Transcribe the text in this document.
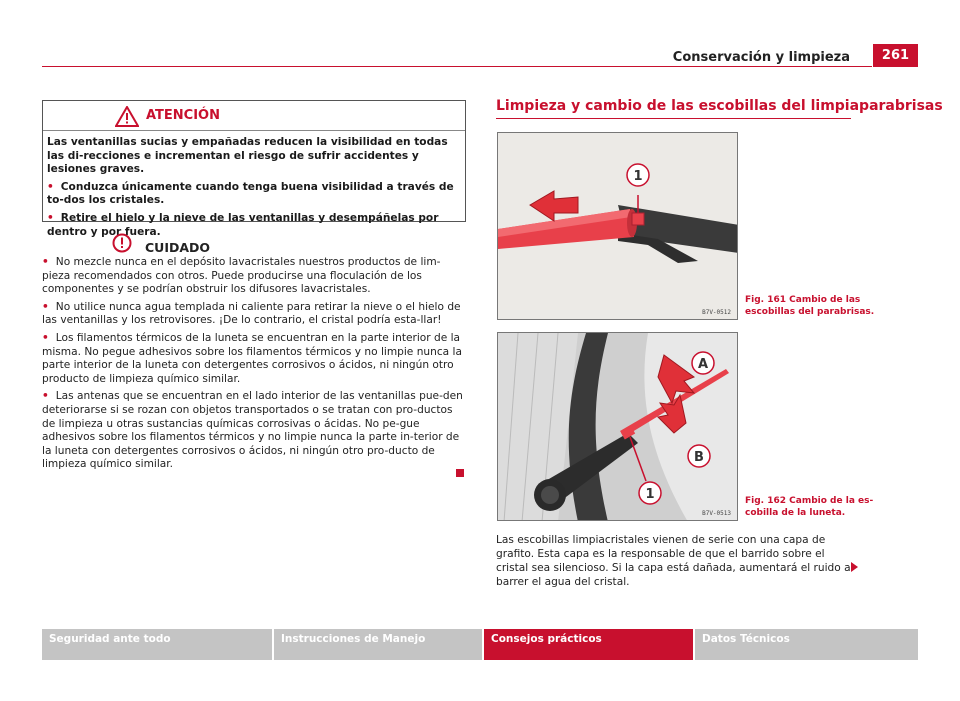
Conservación y limpieza	261
ATENCIÓN

Las ventanillas sucias y empañadas reducen la visibilidad en todas las di-recciones e incrementan el riesgo de sufrir accidentes y lesiones graves.

• Conduzca únicamente cuando tenga buena visibilidad a través de to-dos los cristales.

• Retire el hielo y la nieve de las ventanillas y desempáñelas por dentro y por fuera.

CUIDADO

• No mezcle nunca en el depósito lavacristales nuestros productos de lim-pieza recomendados con otros. Puede producirse una floculación de los componentes y se podrían obstruir los difusores lavacristales.

• No utilice nunca agua templada ni caliente para retirar la nieve o el hielo de las ventanillas y los retrovisores. ¡De lo contrario, el cristal podría esta-llar!

• Los filamentos térmicos de la luneta se encuentran en la parte interior de la misma. No pegue adhesivos sobre los filamentos térmicos y no limpie nunca la parte interior de la luneta con detergentes corrosivos o ácidos, ni ningún otro producto de limpieza químico similar.

• Las antenas que se encuentran en el lado interior de las ventanillas pue-den deteriorarse si se rozan con objetos transportados o se tratan con pro-ductos de limpieza u otras sustancias químicas corrosivas o ácidas. No pe-gue adhesivos sobre los filamentos térmicos y no limpie nunca la parte in-terior de la luneta con detergentes corrosivos o ácidos, ni ningún otro pro-ducto de limpieza químico similar.

Limpieza y cambio de las escobillas del limpiaparabrisas
1
B7V-0512
Fig. 161 Cambio de las escobillas del parabrisas.
A
B
1
B7V-0513
Fig. 162 Cambio de la es-cobilla de la luneta.
Las escobillas limpiacristales vienen de serie con una capa de grafito. Esta capa es la responsable de que el barrido sobre el cristal sea silencioso. Si la capa está dañada, aumentará el ruido al barrer el agua del cristal.
Seguridad ante todo	Instrucciones de Manejo	Consejos prácticos	Datos Técnicos
